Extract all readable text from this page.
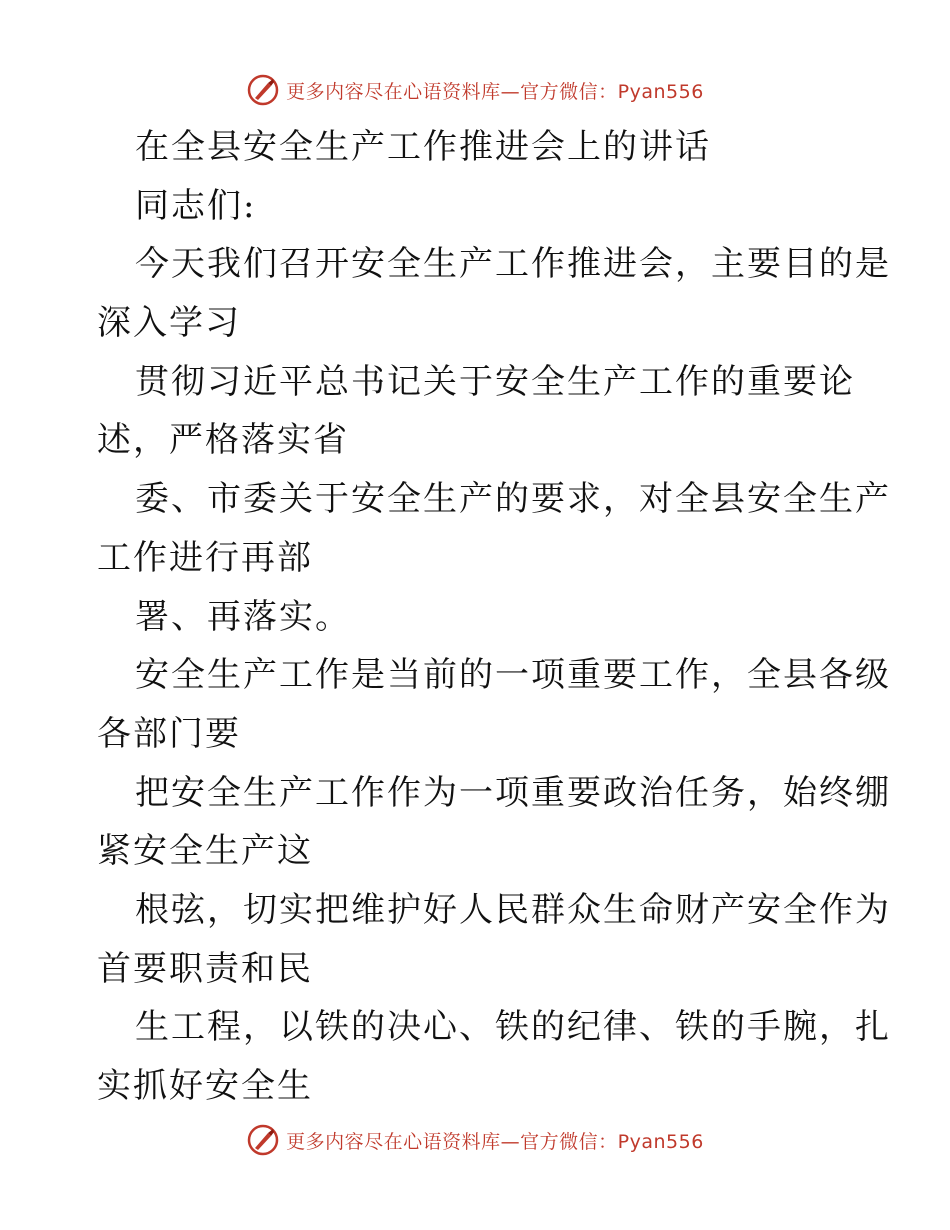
更多内容尽在心语资料库—官方微信：Pyan556

在全县安全生产工作推进会上的讲话

同志们:

今天我们召开安全生产工作推进会，主要目的是

深入学习

贯彻习近平总书记关于安全生产工作的重要论

述，严格落实省

委、市委关于安全生产的要求，对全县安全生产

工作进行再部

署、再落实。

安全生产工作是当前的一项重要工作，全县各级

各部门要

把安全生产工作作为一项重要政治任务，始终绷

紧安全生产这

根弦，切实把维护好人民群众生命财产安全作为

首要职责和民

生工程，以铁的决心、铁的纪律、铁的手腕，扎

实抓好安全生

更多内容尽在心语资料库—官方微信：Pyan556
